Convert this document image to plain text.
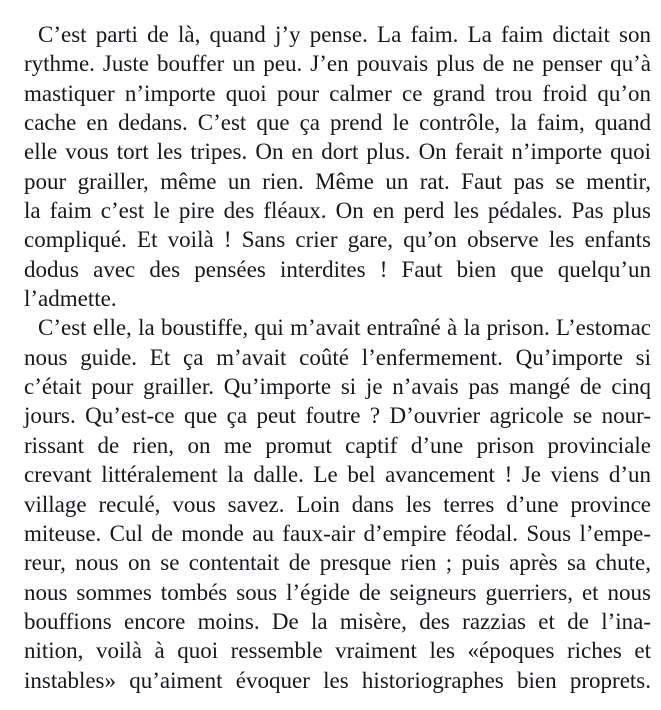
C’est parti de là, quand j’y pense. La faim. La faim dictait son
rythme. Juste bouffer un peu. J’en pouvais plus de ne penser qu’à
mastiquer n’importe quoi pour calmer ce grand trou froid qu’on
cache en dedans. C’est que ça prend le contrôle, la faim, quand
elle vous tort les tripes. On en dort plus. On ferait n’importe quoi
pour grailler, même un rien. Même un rat. Faut pas se mentir,
la faim c’est le pire des fléaux. On en perd les pédales. Pas plus
compliqué. Et voilà ! Sans crier gare, qu’on observe les enfants
dodus avec des pensées interdites ! Faut bien que quelqu’un
l’admette.
C’est elle, la boustiffe, qui m’avait entraîné à la prison. L’estomac
nous guide. Et ça m’avait coûté l’enfermement. Qu’importe si
c’était pour grailler. Qu’importe si je n’avais pas mangé de cinq
jours. Qu’est-ce que ça peut foutre ? D’ouvrier agricole se nour-
rissant de rien, on me promut captif d’une prison provinciale
crevant littéralement la dalle. Le bel avancement ! Je viens d’un
village reculé, vous savez. Loin dans les terres d’une province
miteuse. Cul de monde au faux-air d’empire féodal. Sous l’empe-
reur, nous on se contentait de presque rien ; puis après sa chute,
nous sommes tombés sous l’égide de seigneurs guerriers, et nous
bouffions encore moins. De la misère, des razzias et de l’ina-
nition, voilà à quoi ressemble vraiment les «époques riches et
instables» qu’aiment évoquer les historiographes bien proprets.
